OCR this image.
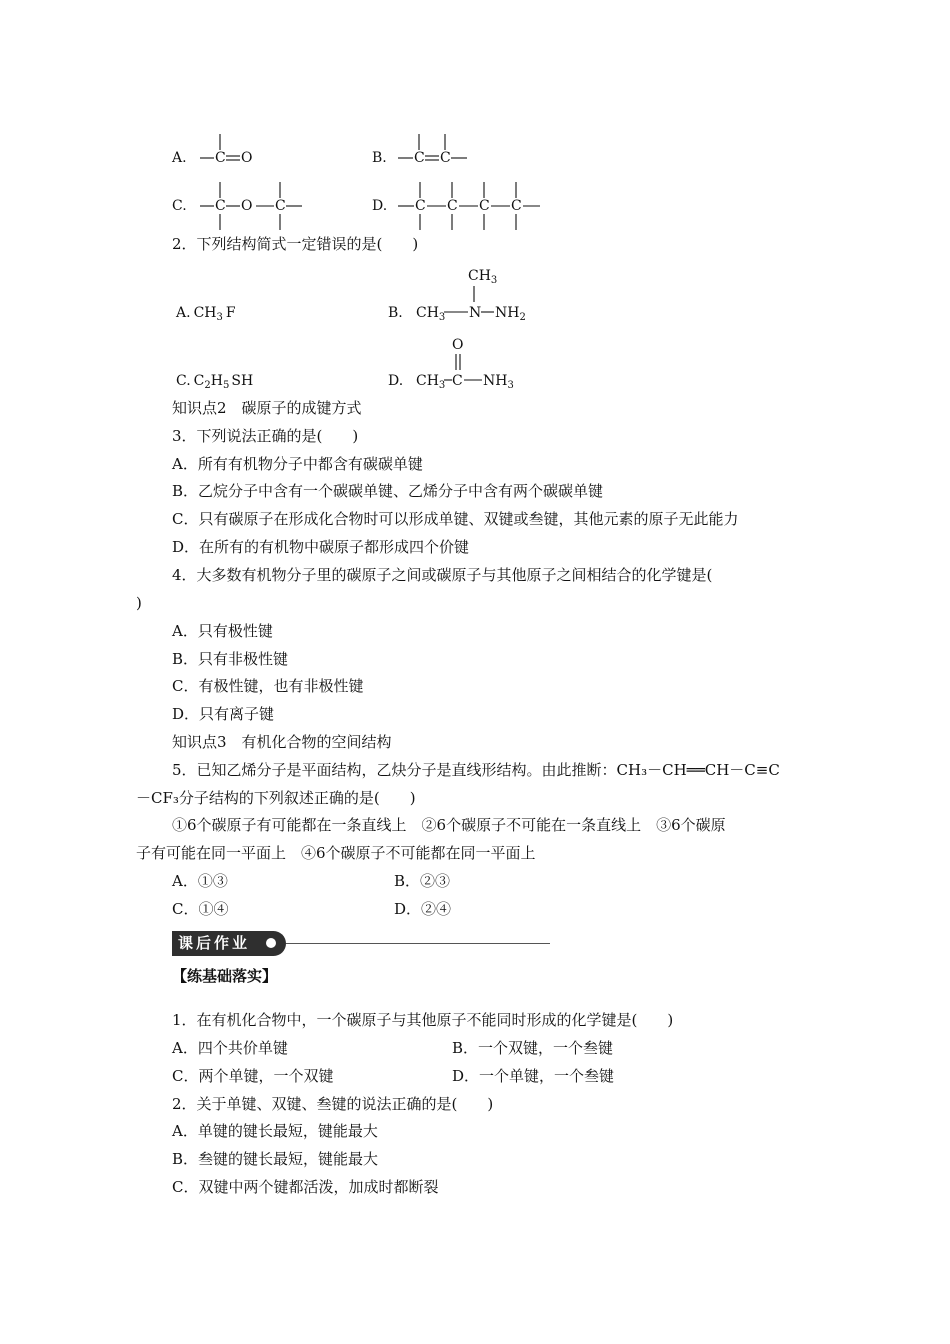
A. C O	B. C C
C. C O C	D. C C C C
2．下列结构简式一定错误的是(　　)
A. $CH_3$ F
$CH_3$
B. $CH_3$ N $NH_2$
C. $C_2H_5$ SH
O
D. $CH_3$ C $NH_3$
知识点2　碳原子的成键方式
3．下列说法正确的是(　　)
A．所有有机物分子中都含有碳碳单键
B．乙烷分子中含有一个碳碳单键、乙烯分子中含有两个碳碳单键
C．只有碳原子在形成化合物时可以形成单键、双键或叁键，其他元素的原子无此能力
D．在所有的有机物中碳原子都形成四个价键
4．大多数有机物分子里的碳原子之间或碳原子与其他原子之间相结合的化学键是(
)
A．只有极性键
B．只有非极性键
C．有极性键，也有非极性键
D．只有离子键
知识点3　有机化合物的空间结构
5．已知乙烯分子是平面结构，乙炔分子是直线形结构。由此推断：CH₃－CH══CH－C≡C
－CF₃分子结构的下列叙述正确的是(　　)
①6个碳原子有可能都在一条直线上　②6个碳原子不可能在一条直线上　③6个碳原
子有可能在同一平面上　④6个碳原子不可能都在同一平面上
A．①③	B．②③
C．①④	D．②④
课后作业
【练基础落实】
1．在有机化合物中，一个碳原子与其他原子不能同时形成的化学键是(　　)
A．四个共价单键	B．一个双键，一个叁键
C．两个单键，一个双键	D．一个单键，一个叁键
2．关于单键、双键、叁键的说法正确的是(　　)
A．单键的键长最短，键能最大
B．叁键的键长最短，键能最大
C．双键中两个键都活泼，加成时都断裂
